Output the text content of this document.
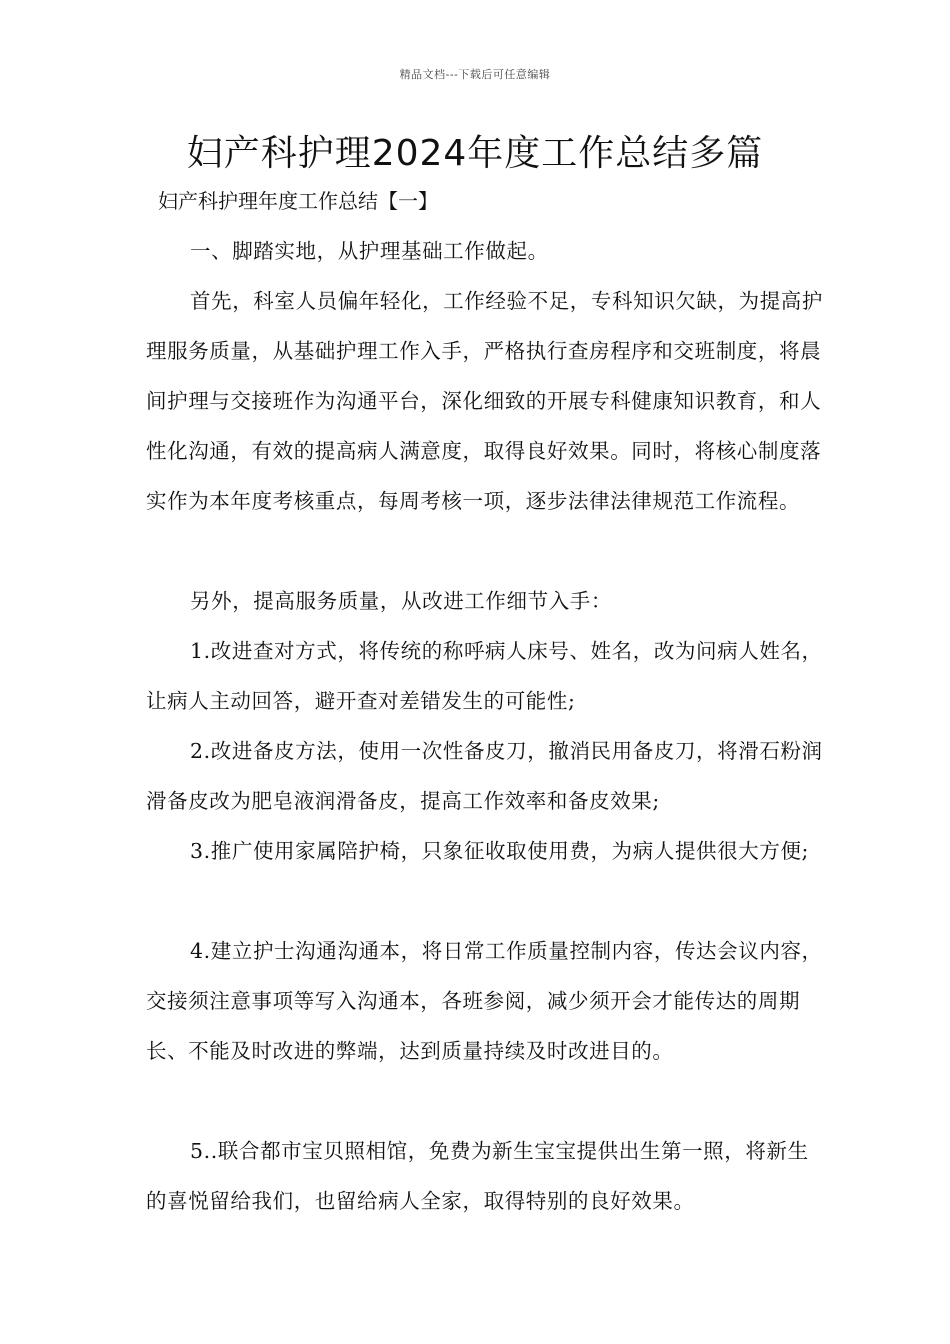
精品文档---下载后可任意编辑
妇产科护理2024年度工作总结多篇
妇产科护理年度工作总结【一】

一、脚踏实地，从护理基础工作做起。

首先，科室人员偏年轻化，工作经验不足，专科知识欠缺，为提高护理服务质量，从基础护理工作入手，严格执行查房程序和交班制度，将晨间护理与交接班作为沟通平台，深化细致的开展专科健康知识教育，和人性化沟通，有效的提高病人满意度，取得良好效果。同时，将核心制度落实作为本年度考核重点，每周考核一项，逐步法律法律规范工作流程。

另外，提高服务质量，从改进工作细节入手：

1.改进查对方式，将传统的称呼病人床号、姓名，改为问病人姓名，让病人主动回答，避开查对差错发生的可能性;

2.改进备皮方法，使用一次性备皮刀，撤消民用备皮刀，将滑石粉润滑备皮改为肥皂液润滑备皮，提高工作效率和备皮效果;

3.推广使用家属陪护椅，只象征收取使用费，为病人提供很大方便;

4.建立护士沟通沟通本，将日常工作质量控制内容，传达会议内容，交接须注意事项等写入沟通本，各班参阅，减少须开会才能传达的周期长、不能及时改进的弊端，达到质量持续及时改进目的。

5..联合都市宝贝照相馆，免费为新生宝宝提供出生第一照，将新生的喜悦留给我们，也留给病人全家，取得特别的良好效果。
